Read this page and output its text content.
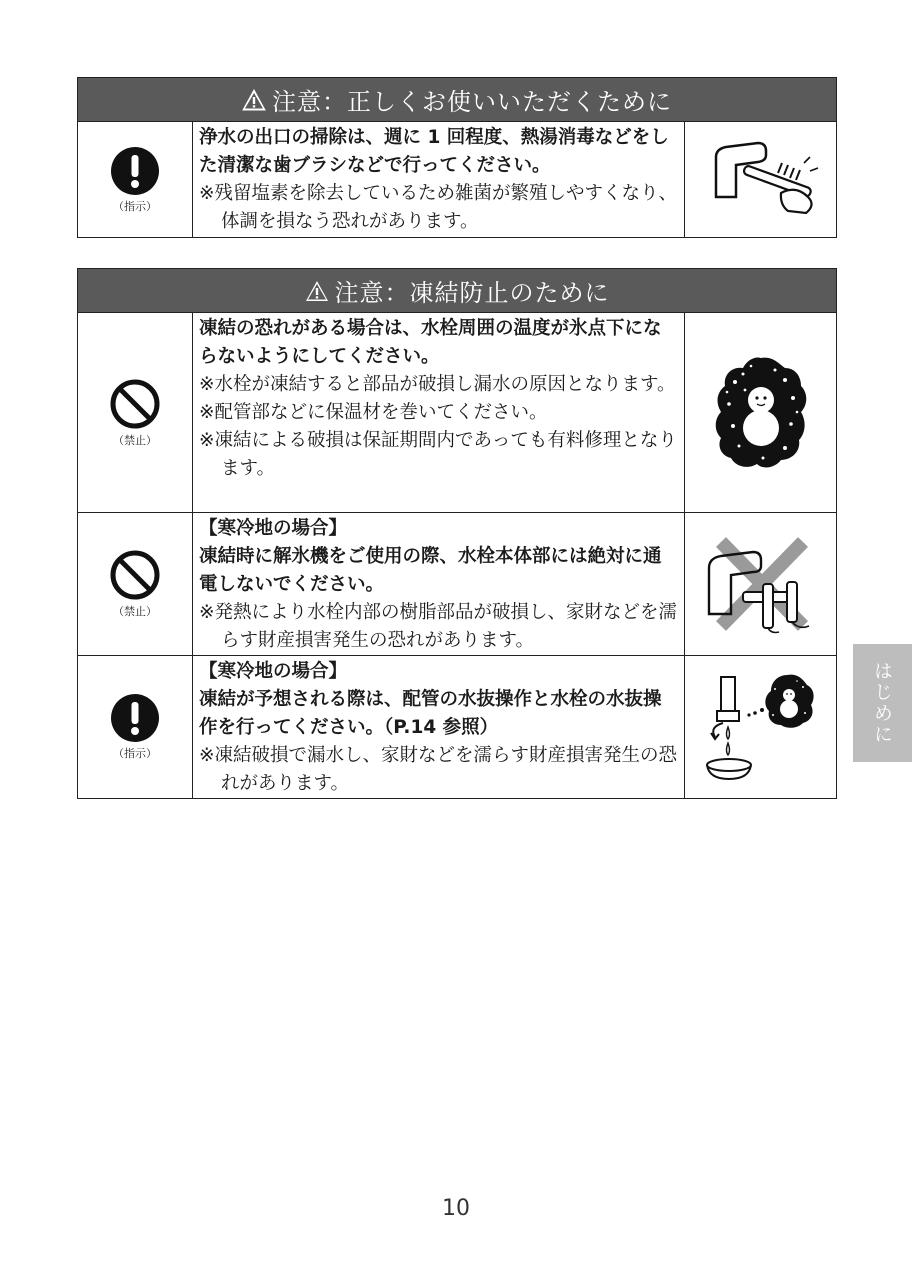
注意：正しくお使いいただくために
（指示）
浄水の出口の掃除は、週に 1 回程度、熱湯消毒などをした清潔な歯ブラシなどで行ってください。
※残留塩素を除去しているため雑菌が繁殖しやすくなり、体調を損なう恐れがあります。
注意：凍結防止のために
（禁止）
凍結の恐れがある場合は、水栓周囲の温度が氷点下にならないようにしてください。
※水栓が凍結すると部品が破損し漏水の原因となります。
※配管部などに保温材を巻いてください。
※凍結による破損は保証期間内であっても有料修理となります。
（禁止）
【寒冷地の場合】
凍結時に解氷機をご使用の際、水栓本体部には絶対に通電しないでください。
※発熱により水栓内部の樹脂部品が破損し、家財などを濡らす財産損害発生の恐れがあります。
（指示）
【寒冷地の場合】
凍結が予想される際は、配管の水抜操作と水栓の水抜操作を行ってください。（P.14 参照）
※凍結破損で漏水し、家財などを濡らす財産損害発生の恐れがあります。
はじめに
10
